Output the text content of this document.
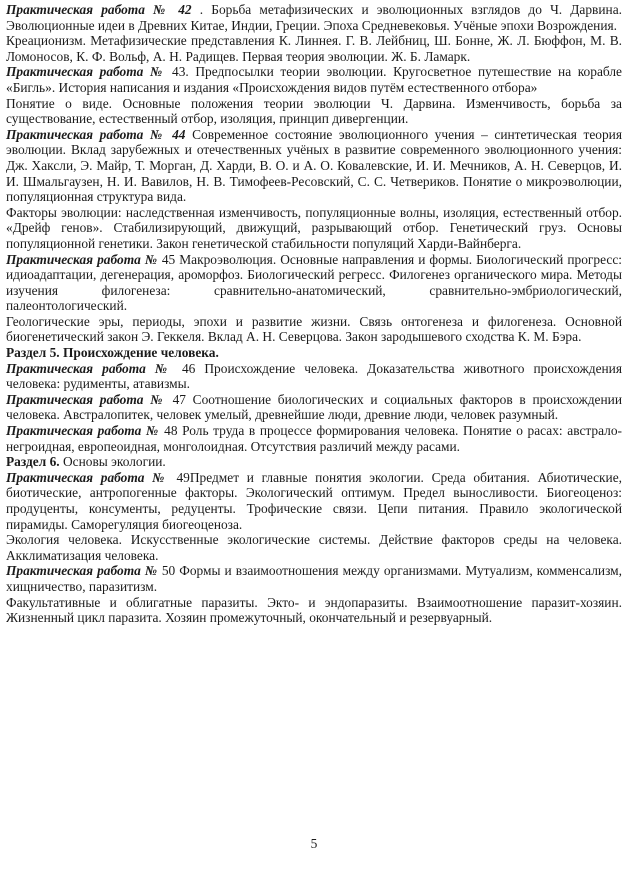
Практическая работа № 42 . Борьба метафизических и эволюционных взглядов до Ч. Дарвина. Эволюционные идеи в Древних Китае, Индии, Греции. Эпоха Средневековья. Учёные эпохи Возрождения.

Креационизм. Метафизические представления К. Линнея. Г. В. Лейбниц, Ш. Бонне, Ж. Л. Бюффон, М. В. Ломоносов, К. Ф. Вольф, А. Н. Радищев. Первая теория эволюции. Ж. Б. Ламарк.

Практическая работа № 43. Предпосылки теории эволюции. Кругосветное путешествие на корабле «Бигль». История написания и издания «Происхождения видов путём естественного отбора»

Понятие о виде. Основные положения теории эволюции Ч. Дарвина. Изменчивость, борьба за существование, естественный отбор, изоляция, принцип дивергенции.

Практическая работа № 44 Современное состояние эволюционного учения – синтетическая теория эволюции. Вклад зарубежных и отечественных учёных в развитие современного эволюционного учения: Дж. Хаксли, Э. Майр, Т. Морган, Д. Харди, В. О. и А. О. Ковалевские, И. И. Мечников, А. Н. Северцов, И. И. Шмальгаузен, Н. И. Вавилов, Н. В. Тимофеев-Ресовский, С. С. Четвериков. Понятие о микроэволюции, популяционная структура вида.

Факторы эволюции: наследственная изменчивость, популяционные волны, изоляция, естественный отбор. «Дрейф генов». Стабилизирующий, движущий, разрывающий отбор. Генетический груз. Основы популяционной генетики. Закон генетической стабильности популяций Харди-Вайнберга.

Практическая работа № 45 Макроэволюция. Основные направления и формы. Биологический прогресс: идиоадаптации, дегенерация, ароморфоз. Биологический регресс. Филогенез органического мира. Методы изучения филогенеза: сравнительно-анатомический, сравнительно-эмбриологический, палеонтологический.

Геологические эры, периоды, эпохи и развитие жизни. Связь онтогенеза и филогенеза. Основной биогенетический закон Э. Геккеля. Вклад А. Н. Северцова. Закон зародышевого сходства К. М. Бэра.

Раздел 5. Происхождение человека.

Практическая работа № 46 Происхождение человека. Доказательства животного происхождения человека: рудименты, атавизмы.

Практическая работа № 47 Соотношение биологических и социальных факторов в происхождении человека. Австралопитек, человек умелый, древнейшие люди, древние люди, человек разумный.

Практическая работа № 48 Роль труда в процессе формирования человека. Понятие о расах: австрало-негроидная, европеоидная, монголоидная. Отсутствия различий между расами.

Раздел 6. Основы экологии.

Практическая работа № 49Предмет и главные понятия экологии. Среда обитания. Абиотические, биотические, антропогенные факторы. Экологический оптимум. Предел выносливости. Биогеоценоз: продуценты, консументы, редуценты. Трофические связи. Цепи питания. Правило экологической пирамиды. Саморегуляция биогеоценоза.

Экология человека. Искусственные экологические системы. Действие факторов среды на человека. Акклиматизация человека.

Практическая работа № 50 Формы и взаимоотношения между организмами. Мутуализм, комменсализм, хищничество, паразитизм.

Факультативные и облигатные паразиты. Экто- и эндопаразиты. Взаимоотношение паразит-хозяин. Жизненный цикл паразита. Хозяин промежуточный, окончательный и резервуарный.

5
